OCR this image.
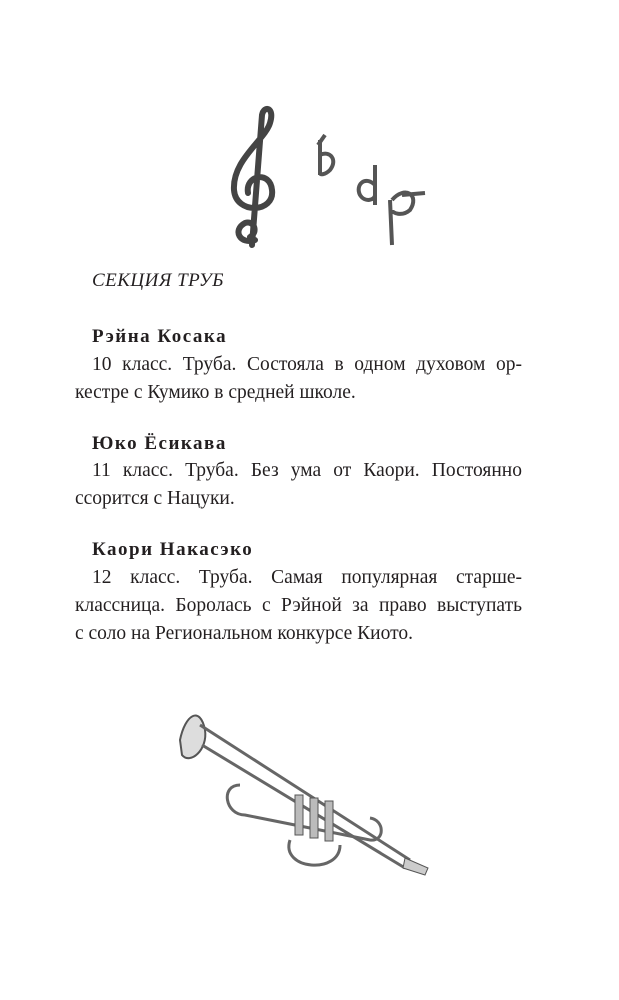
СЕКЦИЯ ТРУБ
Рэйна Косака
10 класс. Труба. Состояла в одном духовом ор-
кестре с Кумико в средней школе.
Юко Ёсикава
11 класс. Труба. Без ума от Каори. Постоянно
ссорится с Нацуки.
Каори Накасэко
12 класс. Труба. Самая популярная старше-
классница. Боролась с Рэйной за право выступать
с соло на Региональном конкурсе Киото.
